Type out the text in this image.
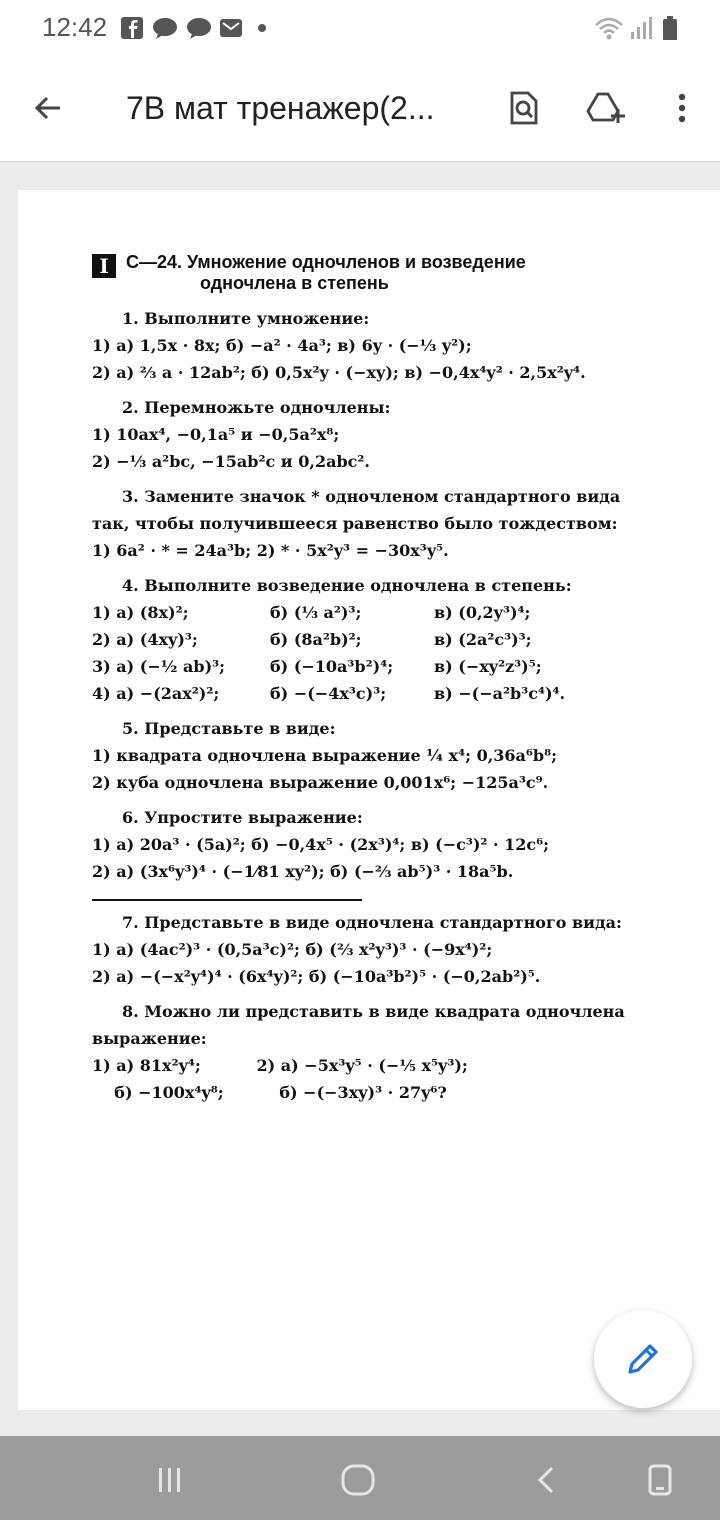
12:42
7В мат тренажер(2...
I С—24. Умножение одночленов и возведение
одночлена в степень
1. Выполните умножение:
1) а) 1,5x · 8x; б) −a² · 4a³; в) 6y · (−⅓ y²);
2) а) ⅔ a · 12ab²; б) 0,5x²y · (−xy); в) −0,4x⁴y² · 2,5x²y⁴.
2. Перемножьте одночлены:
1) 10ax⁴, −0,1a⁵ и −0,5a²x⁸;
2) −⅓ a²bc, −15ab²c и 0,2abc².
3. Замените значок * одночленом стандартного вида
так, чтобы получившееся равенство было тождеством:
1) 6a² · * = 24a³b; 2) * · 5x²y³ = −30x³y⁵.
4. Выполните возведение одночлена в степень:
1) а) (8x)²;	б) (⅓ a²)³;	в) (0,2y³)⁴;
2) а) (4xy)³;	б) (8a²b)²;	в) (2a²c³)³;
3) а) (−½ ab)³;	б) (−10a³b²)⁴;	в) (−xy²z³)⁵;
4) а) −(2ax²)²;	б) −(−4x³c)³;	в) −(−a²b³c⁴)⁴.
5. Представьте в виде:
1) квадрата одночлена выражение ¼ x⁴; 0,36a⁶b⁸;
2) куба одночлена выражение 0,001x⁶; −125a³c⁹.
6. Упростите выражение:
1) а) 20a³ · (5a)²; б) −0,4x⁵ · (2x³)⁴; в) (−c³)² · 12c⁶;
2) а) (3x⁶y³)⁴ · (−1⁄81 xy²); б) (−⅔ ab⁵)³ · 18a⁵b.
7. Представьте в виде одночлена стандартного вида:
1) а) (4ac²)³ · (0,5a³c)²; б) (⅔ x²y³)³ · (−9x⁴)²;
2) а) −(−x²y⁴)⁴ · (6x⁴y)²; б) (−10a³b²)⁵ · (−0,2ab²)⁵.
8. Можно ли представить в виде квадрата одночлена
выражение:
1) а) 81x²y⁴;          2) а) −5x³y⁵ · (−⅕ x⁵y³);
б) −100x⁴y⁸;          б) −(−3xy)³ · 27y⁶?
